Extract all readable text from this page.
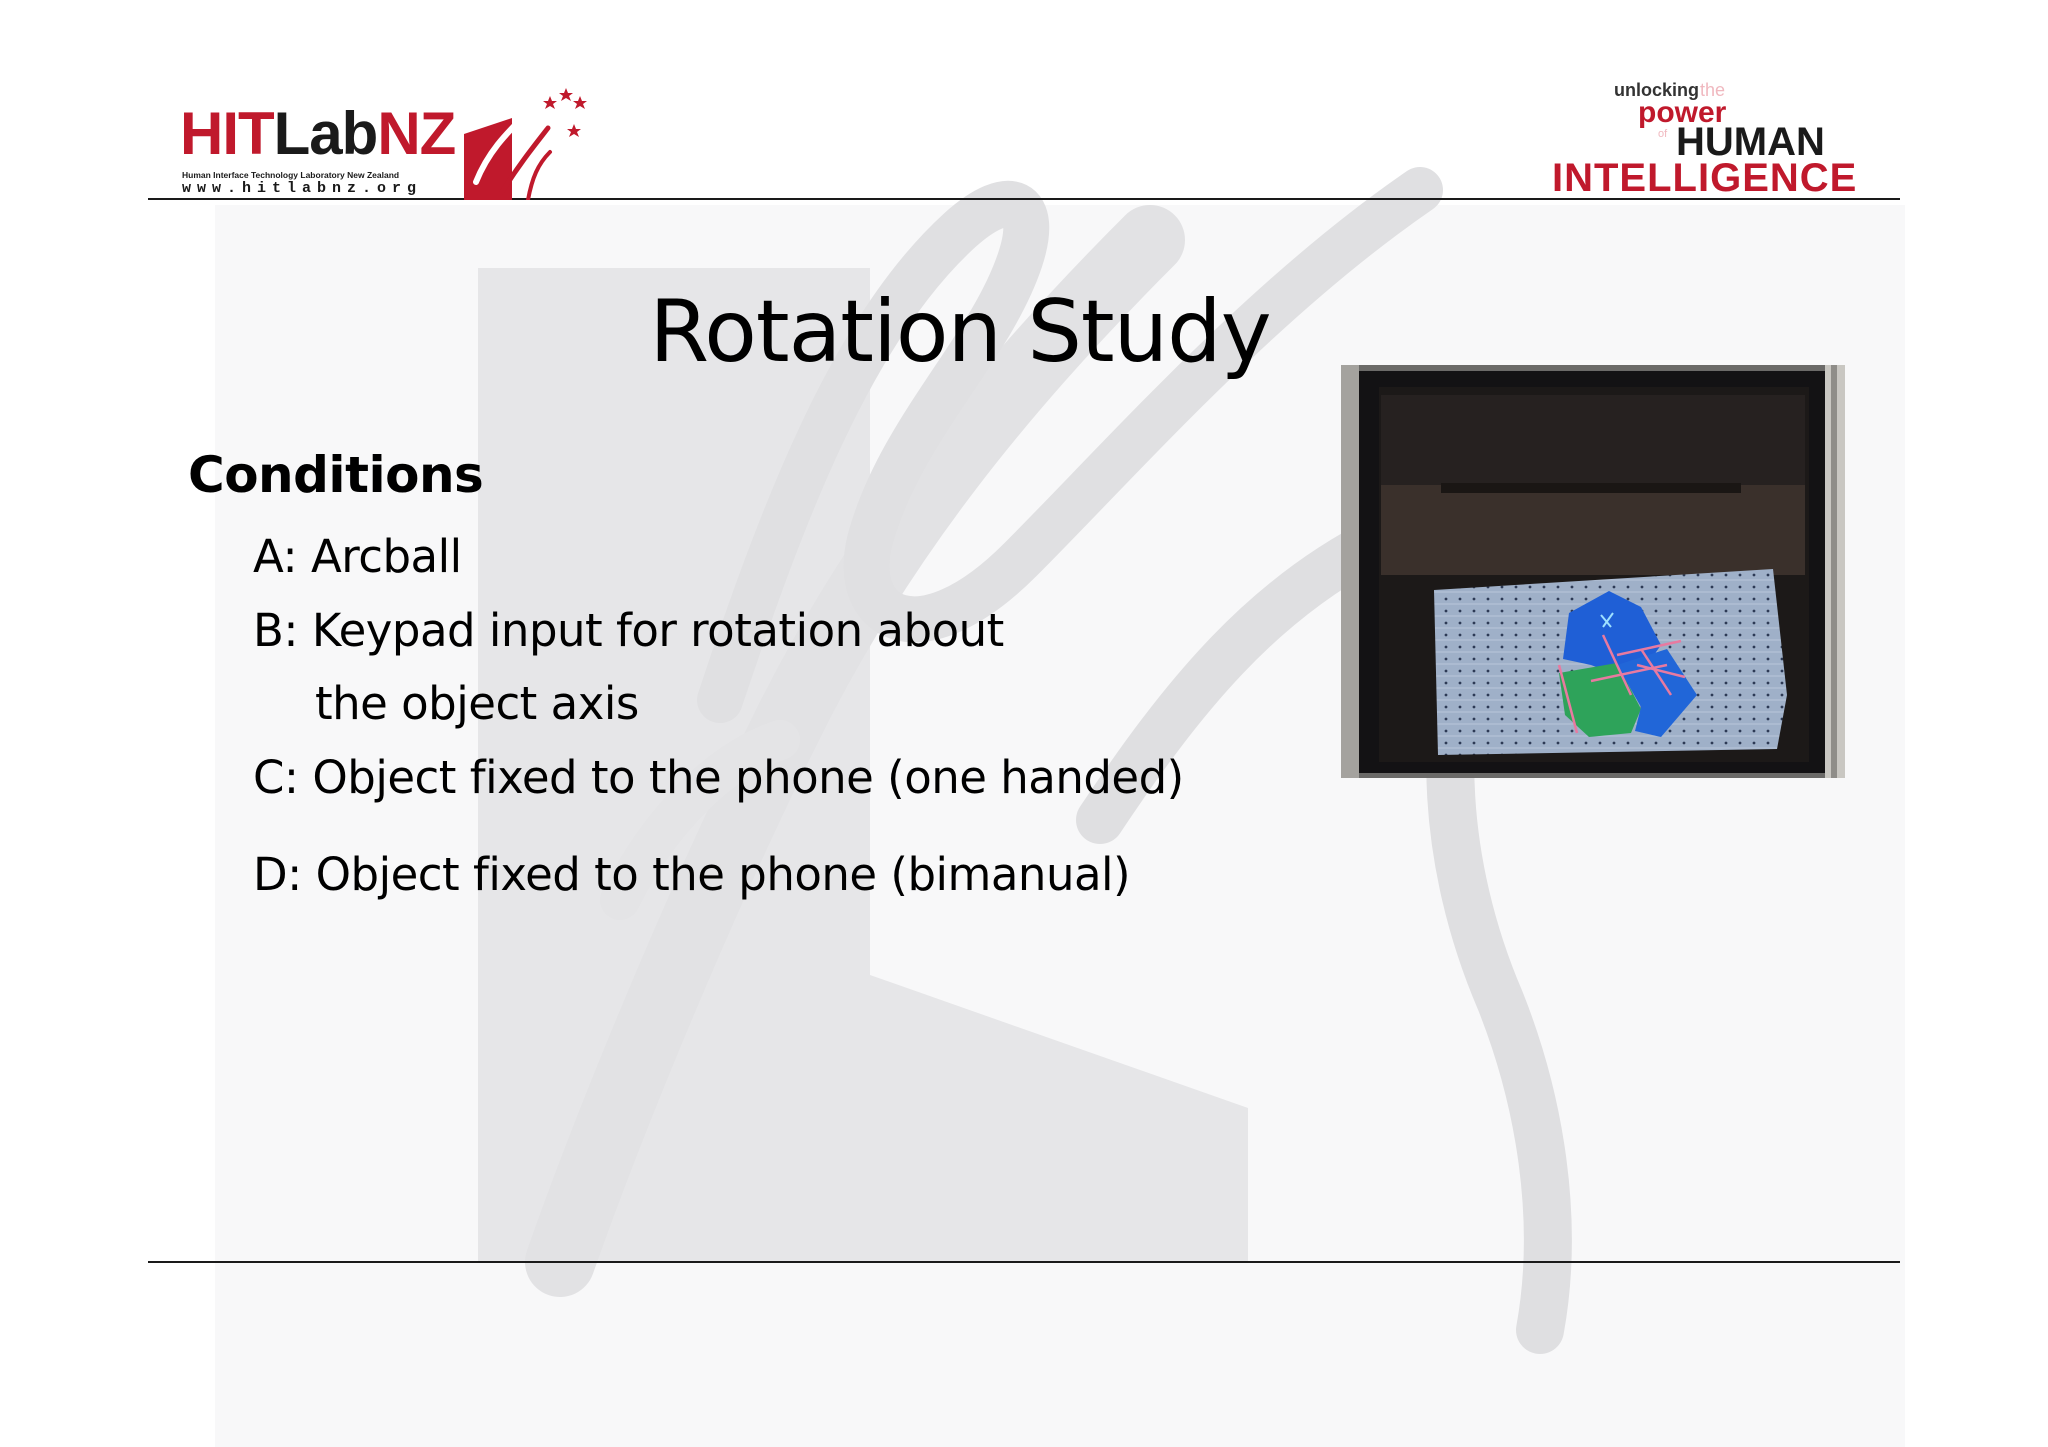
HITLabNZ
Human Interface Technology Laboratory New Zealand
www.hitlabnz.org
unlocking the
power
of HUMAN
INTELLIGENCE
Rotation Study
Conditions
A: Arcball
B: Keypad input for rotation about
the object axis
C: Object fixed to the phone (one handed)
D: Object fixed to the phone (bimanual)
